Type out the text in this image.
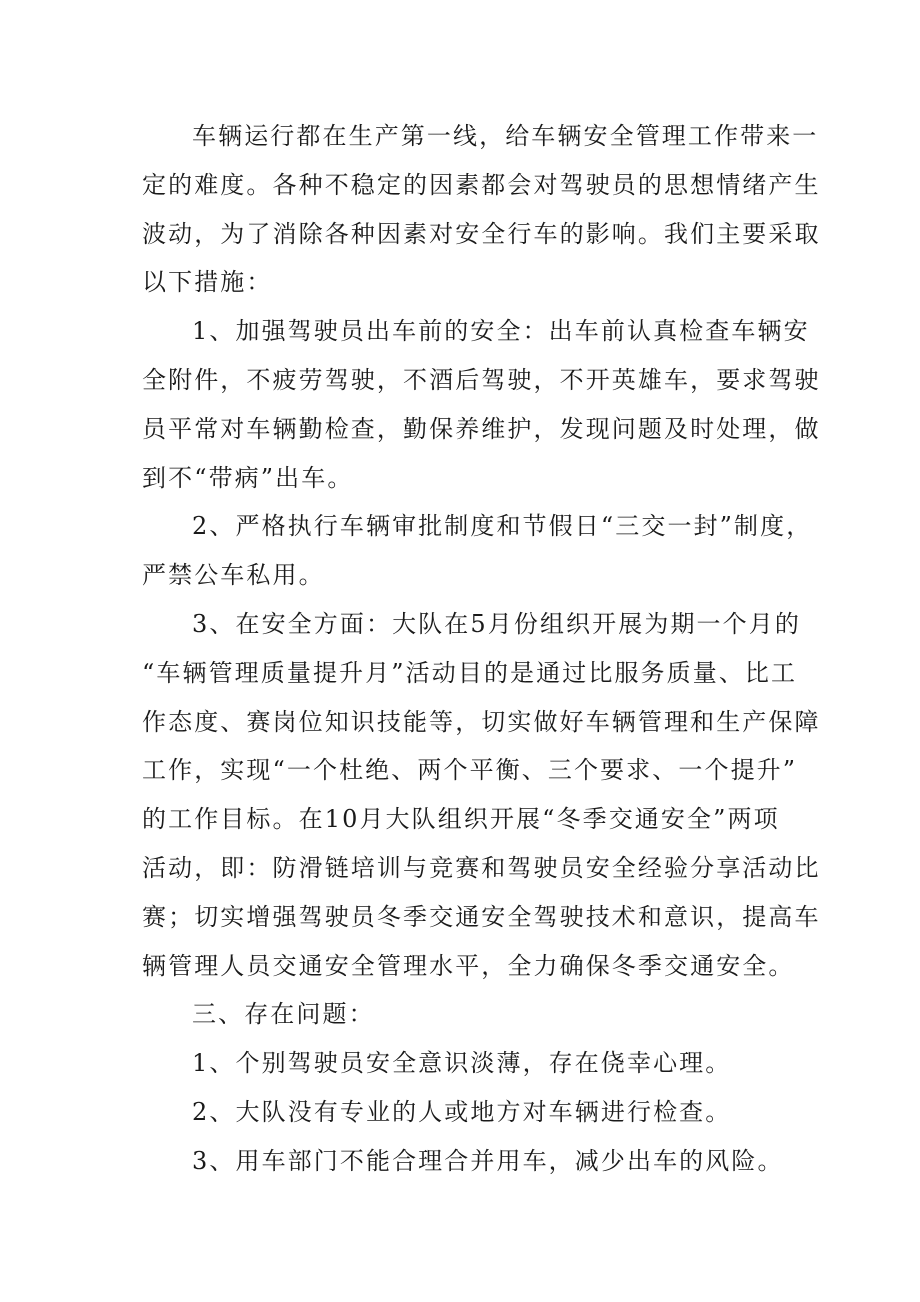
车辆运行都在生产第一线，给车辆安全管理工作带来一
定的难度。各种不稳定的因素都会对驾驶员的思想情绪产生
波动，为了消除各种因素对安全行车的影响。我们主要采取
以下措施：
1、加强驾驶员出车前的安全：出车前认真检查车辆安
全附件，不疲劳驾驶，不酒后驾驶，不开英雄车，要求驾驶
员平常对车辆勤检查，勤保养维护，发现问题及时处理，做
到不“带病”出车。
2、严格执行车辆审批制度和节假日“三交一封”制度，
严禁公车私用。
3、在安全方面：大队在5月份组织开展为期一个月的
“车辆管理质量提升月”活动目的是通过比服务质量、比工
作态度、赛岗位知识技能等，切实做好车辆管理和生产保障
工作，实现“一个杜绝、两个平衡、三个要求、一个提升”
的工作目标。在10月大队组织开展“冬季交通安全”两项
活动，即：防滑链培训与竞赛和驾驶员安全经验分享活动比
赛；切实增强驾驶员冬季交通安全驾驶技术和意识，提高车
辆管理人员交通安全管理水平，全力确保冬季交通安全。
三、存在问题：
1、个别驾驶员安全意识淡薄，存在侥幸心理。
2、大队没有专业的人或地方对车辆进行检查。
3、用车部门不能合理合并用车，减少出车的风险。
